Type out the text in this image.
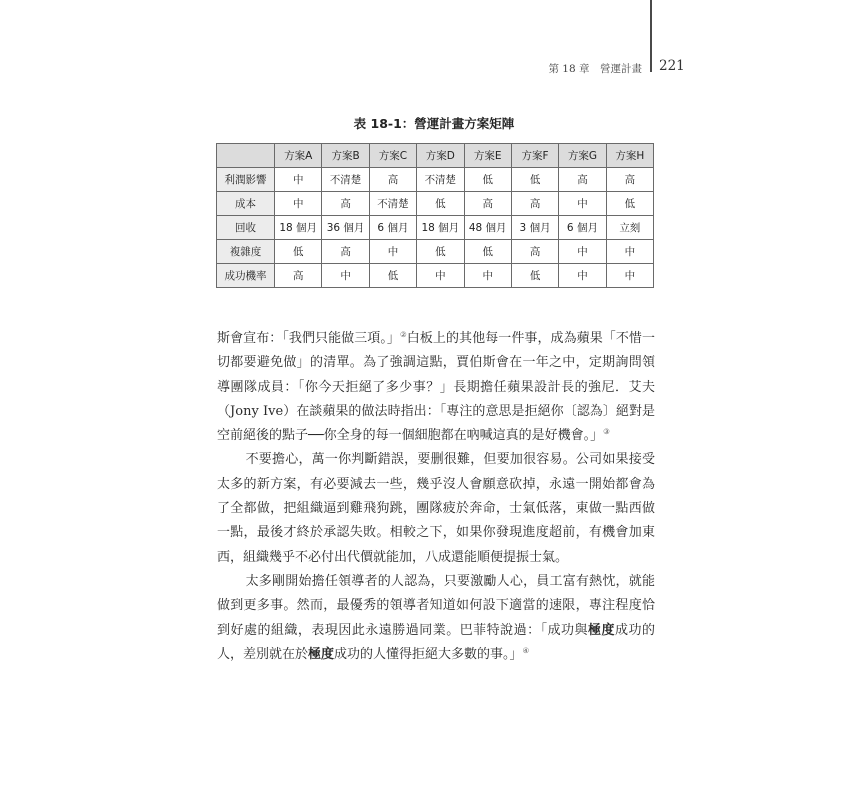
第 18 章　營運計畫 221
表 18-1：營運計畫方案矩陣
	方案A	方案B	方案C	方案D	方案E	方案F	方案G	方案H
利潤影響	中	不清楚	高	不清楚	低	低	高	高
成本	中	高	不清楚	低	高	高	中	低
回收	18 個月	36 個月	6 個月	18 個月	48 個月	3 個月	6 個月	立刻
複雜度	低	高	中	低	低	高	中	中
成功機率	高	中	低	中	中	低	中	中

斯會宣布：「我們只能做三項。」②白板上的其他每一件事，成為蘋果「不惜一切都要避免做」的清單。為了強調這點，賈伯斯會在一年之中，定期詢問領導團隊成員：「你今天拒絕了多少事？」長期擔任蘋果設計長的強尼．艾夫（Jony Ive）在談蘋果的做法時指出：「專注的意思是拒絕你〔認為〕絕對是空前絕後的點子──你全身的每一個細胞都在吶喊這真的是好機會。」③

不要擔心，萬一你判斷錯誤，要删很難，但要加很容易。公司如果接受太多的新方案，有必要減去一些，幾乎沒人會願意砍掉，永遠一開始都會為了全都做，把組織逼到雞飛狗跳，團隊疲於奔命，士氣低落，東做一點西做一點，最後才終於承認失敗。相較之下，如果你發現進度超前，有機會加東西，組織幾乎不必付出代價就能加，八成還能順便提振士氣。

太多剛開始擔任領導者的人認為，只要激勵人心，員工富有熱忱，就能做到更多事。然而，最優秀的領導者知道如何設下適當的速限，專注程度恰到好處的組織，表現因此永遠勝過同業。巴菲特說過：「成功與極度成功的人，差別就在於極度成功的人懂得拒絕大多數的事。」④
